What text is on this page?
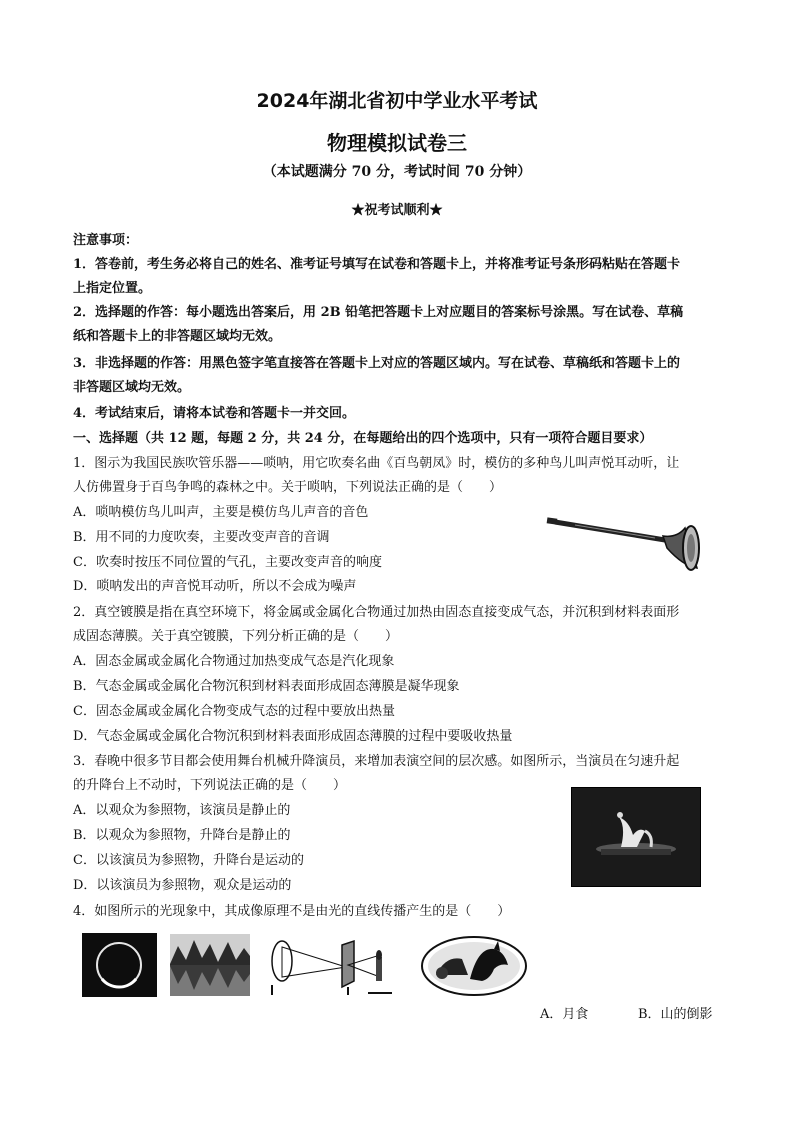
2024年湖北省初中学业水平考试
物理模拟试卷三
（本试题满分 70 分，考试时间 70 分钟）
★祝考试顺利★
注意事项：
1．答卷前，考生务必将自己的姓名、准考证号填写在试卷和答题卡上，并将准考证号条形码粘贴在答题卡
上指定位置。
2．选择题的作答：每小题选出答案后，用 2B 铅笔把答题卡上对应题目的答案标号涂黑。写在试卷、草稿
纸和答题卡上的非答题区域均无效。
3．非选择题的作答：用黑色签字笔直接答在答题卡上对应的答题区域内。写在试卷、草稿纸和答题卡上的
非答题区域均无效。
4．考试结束后，请将本试卷和答题卡一并交回。
一、选择题（共 12 题，每题 2 分，共 24 分，在每题给出的四个选项中，只有一项符合题目要求）
1．图示为我国民族吹管乐器——唢呐，用它吹奏名曲《百鸟朝凤》时，模仿的多种鸟儿叫声悦耳动听，让
人仿佛置身于百鸟争鸣的森林之中。关于唢呐，下列说法正确的是（　　）
A．唢呐模仿鸟儿叫声，主要是模仿鸟儿声音的音色
B．用不同的力度吹奏，主要改变声音的音调
C．吹奏时按压不同位置的气孔，主要改变声音的响度
D．唢呐发出的声音悦耳动听，所以不会成为噪声
2．真空镀膜是指在真空环境下，将金属或金属化合物通过加热由固态直接变成气态，并沉积到材料表面形
成固态薄膜。关于真空镀膜，下列分析正确的是（　　）
A．固态金属或金属化合物通过加热变成气态是汽化现象
B．气态金属或金属化合物沉积到材料表面形成固态薄膜是凝华现象
C．固态金属或金属化合物变成气态的过程中要放出热量
D．气态金属或金属化合物沉积到材料表面形成固态薄膜的过程中要吸收热量
3．春晚中很多节目都会使用舞台机械升降演员，来增加表演空间的层次感。如图所示，当演员在匀速升起
的升降台上不动时，下列说法正确的是（　　）
A．以观众为参照物，该演员是静止的
B．以观众为参照物，升降台是静止的
C．以该演员为参照物，升降台是运动的
D．以该演员为参照物，观众是运动的
4．如图所示的光现象中，其成像原理不是由光的直线传播产生的是（　　）
A．月食	B．山的倒影
